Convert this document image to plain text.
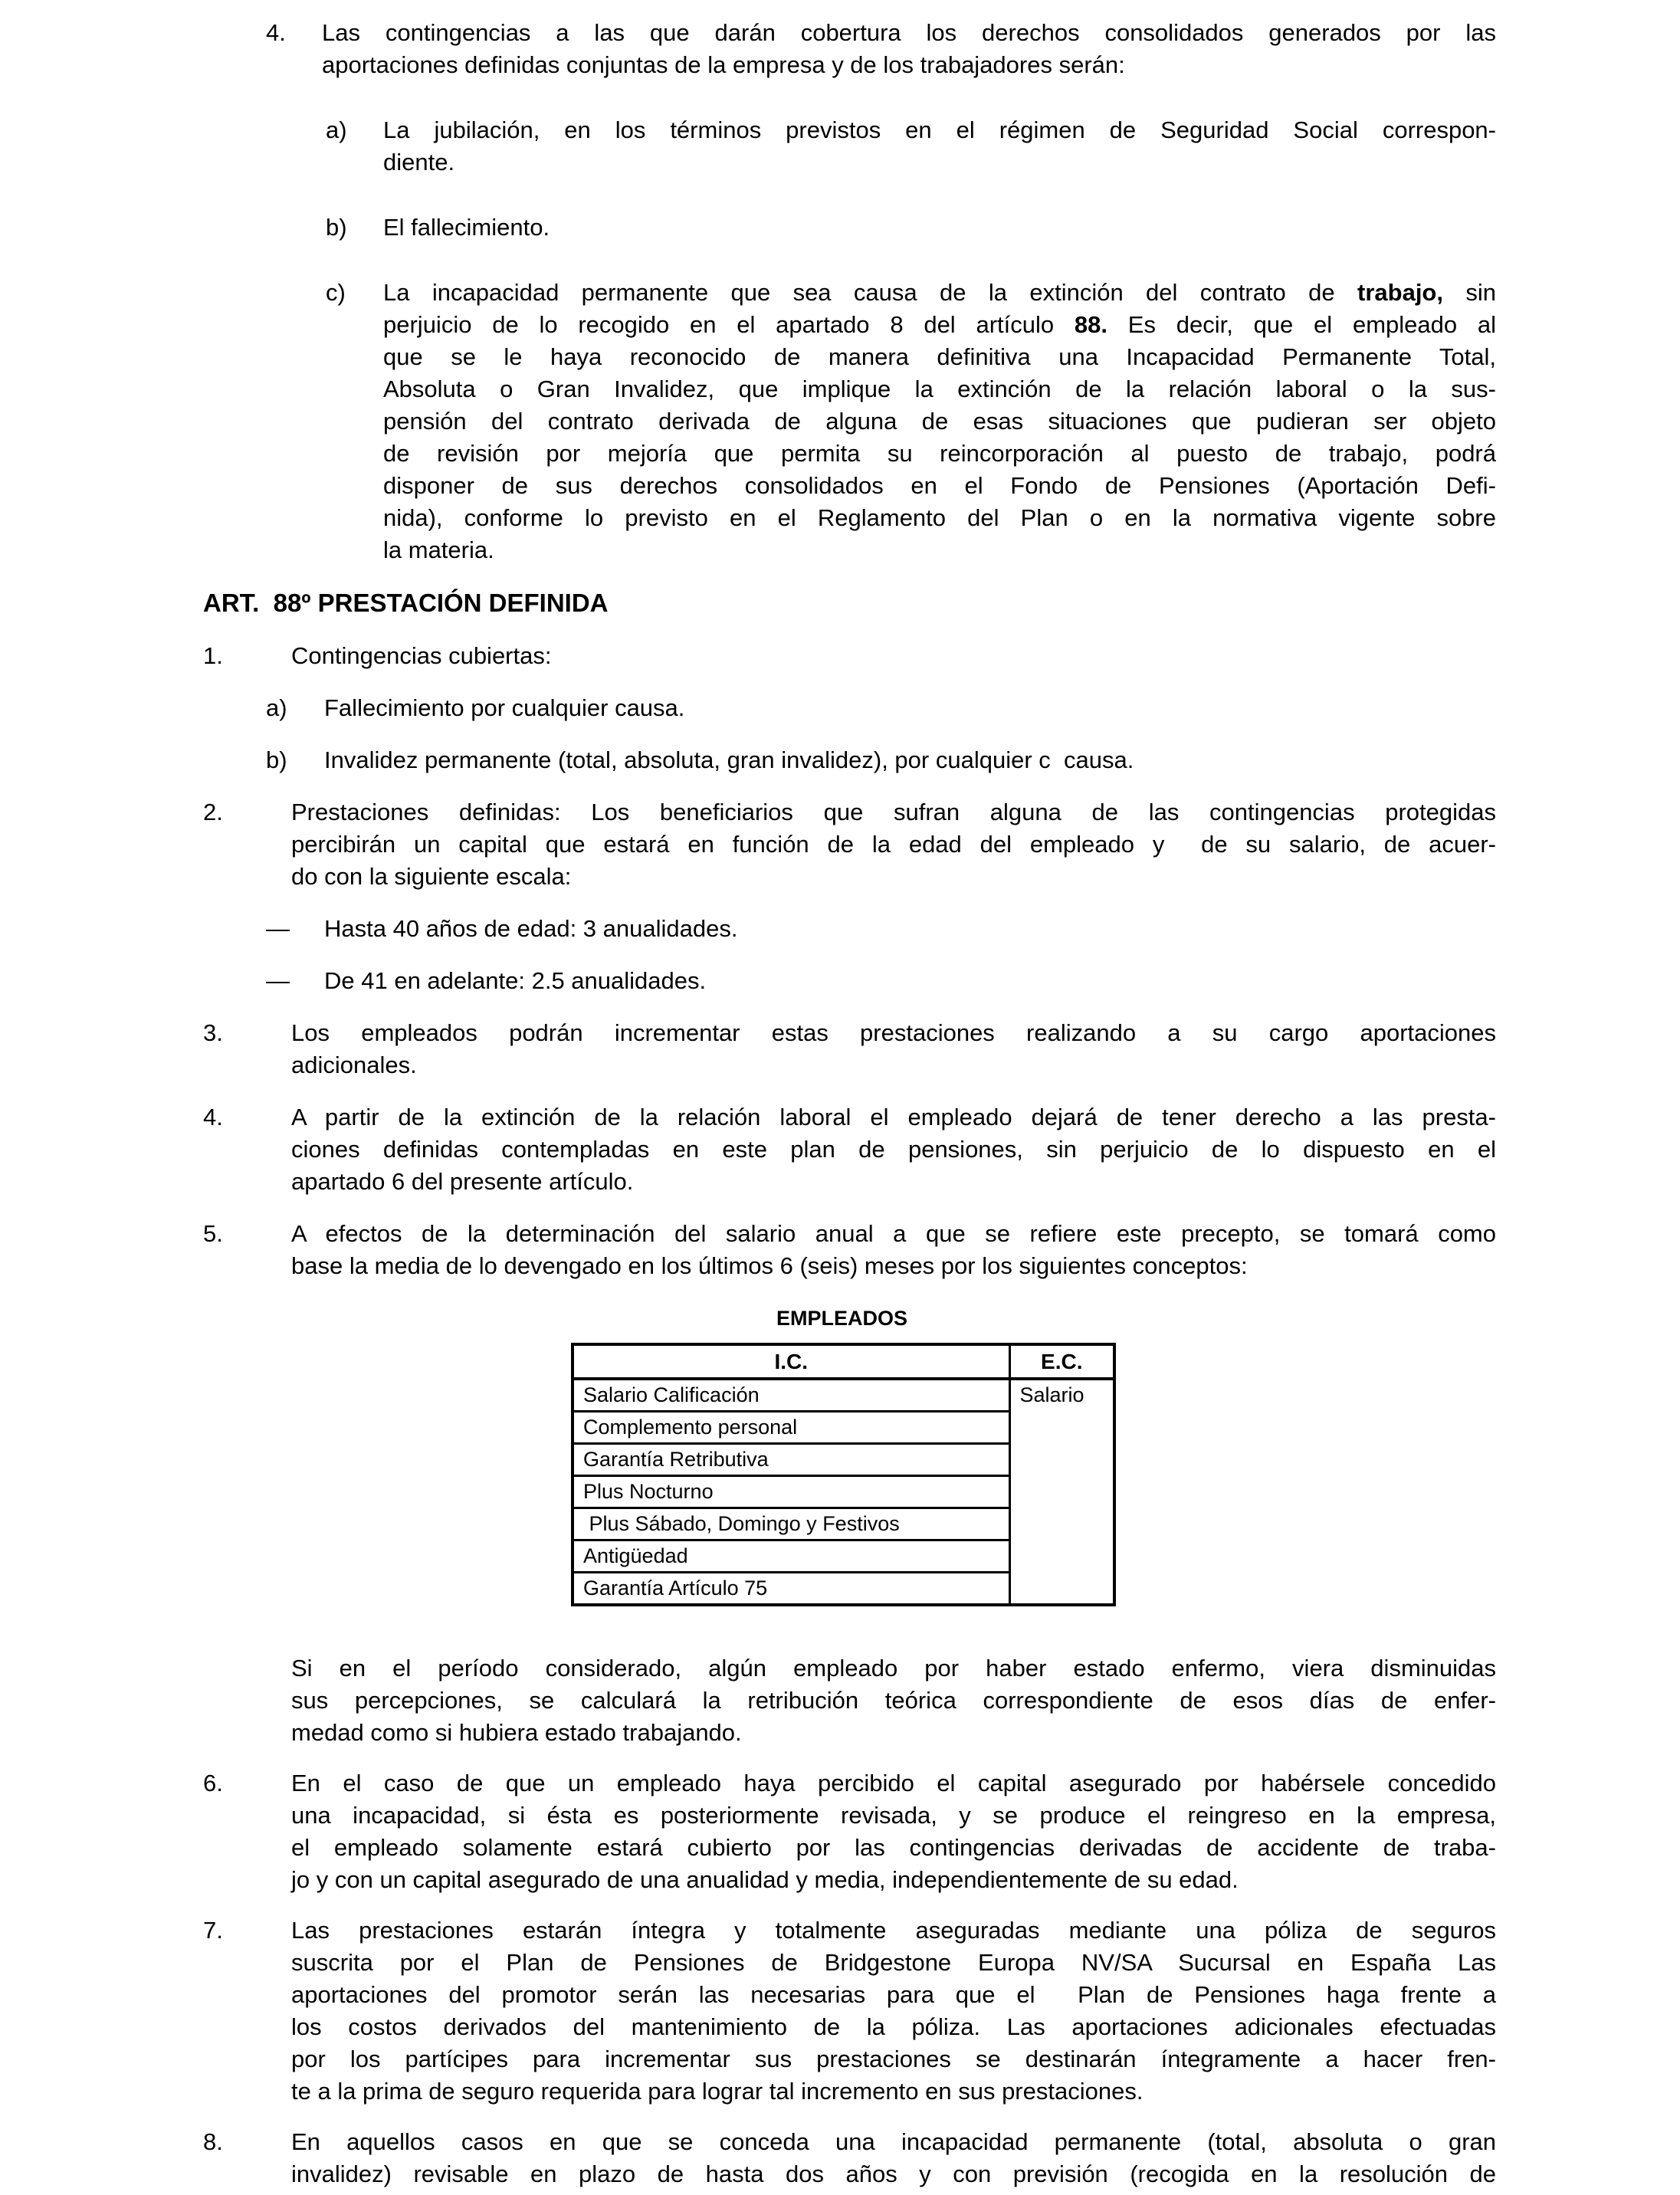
4. Las contingencias a las que darán cobertura los derechos consolidados generados por las
aportaciones definidas conjuntas de la empresa y de los trabajadores serán:
a) La jubilación, en los términos previstos en el régimen de Seguridad Social correspon-
diente.
b) El fallecimiento.
c) La incapacidad permanente que sea causa de la extinción del contrato de trabajo, sin
perjuicio de lo recogido en el apartado 8 del artículo 88. Es decir, que el empleado al
que se le haya reconocido de manera definitiva una Incapacidad Permanente Total,
Absoluta o Gran Invalidez, que implique la extinción de la relación laboral o la sus-
pensión del contrato derivada de alguna de esas situaciones que pudieran ser objeto
de revisión por mejoría que permita su reincorporación al puesto de trabajo, podrá
disponer de sus derechos consolidados en el Fondo de Pensiones (Aportación Defi-
nida), conforme lo previsto en el Reglamento del Plan o en la normativa vigente sobre
la materia.
ART.  88º PRESTACIÓN DEFINIDA
1.	Contingencias cubiertas:
a) Fallecimiento por cualquier causa.
b) Invalidez permanente (total, absoluta, gran invalidez), por cualquier c  causa.
2.	Prestaciones definidas: Los beneficiarios que sufran alguna de las contingencias protegidas
percibirán un capital que estará en función de la edad del empleado y  de su salario, de acuer-
do con la siguiente escala:
— Hasta 40 años de edad: 3 anualidades.
— De 41 en adelante: 2.5 anualidades.
3.	Los empleados podrán incrementar estas prestaciones realizando a su cargo aportaciones
adicionales.
4.	A partir de la extinción de la relación laboral el empleado dejará de tener derecho a las presta-
ciones definidas contempladas en este plan de pensiones, sin perjuicio de lo dispuesto en el
apartado 6 del presente artículo.
5.	A efectos de la determinación del salario anual a que se refiere este precepto, se tomará como
base la media de lo devengado en los últimos 6 (seis) meses por los siguientes conceptos:
EMPLEADOS
I.C.	E.C.
Salario Calificación	Salario
Complemento personal	
Garantía Retributiva	
Plus Nocturno	
Plus Sábado, Domingo y Festivos	
Antigüedad	
Garantía Artículo 75	
Si en el período considerado, algún empleado por haber estado enfermo, viera disminuidas
sus percepciones, se calculará la retribución teórica correspondiente de esos días de enfer-
medad como si hubiera estado trabajando.
6.	En el caso de que un empleado haya percibido el capital asegurado por habérsele concedido
una incapacidad, si ésta es posteriormente revisada, y se produce el reingreso en la empresa,
el empleado solamente estará cubierto por las contingencias derivadas de accidente de traba-
jo y con un capital asegurado de una anualidad y media, independientemente de su edad.
7.	Las prestaciones estarán íntegra y totalmente aseguradas mediante una póliza de seguros
suscrita por el Plan de Pensiones de Bridgestone Europa NV/SA Sucursal en España Las
aportaciones del promotor serán las necesarias para que el  Plan de Pensiones haga frente a
los costos derivados del mantenimiento de la póliza. Las aportaciones adicionales efectuadas
por los partícipes para incrementar sus prestaciones se destinarán íntegramente a hacer fren-
te a la prima de seguro requerida para lograr tal incremento en sus prestaciones.
8.	En aquellos casos en que se conceda una incapacidad permanente (total, absoluta o gran
invalidez) revisable en plazo de hasta dos años y con previsión (recogida en la resolución de
